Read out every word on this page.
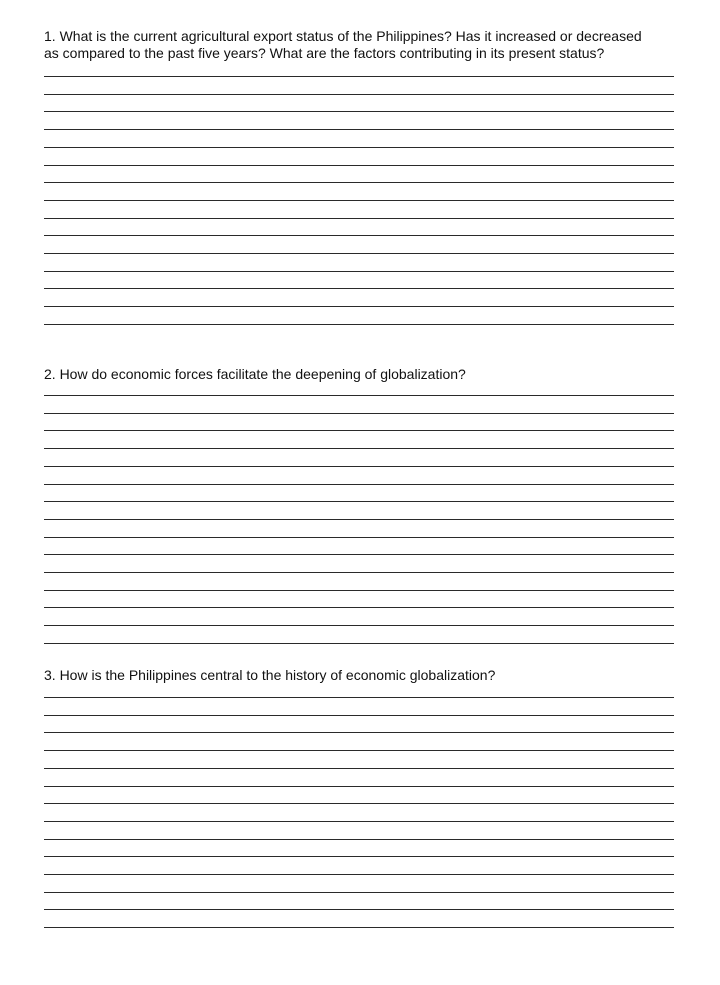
1. What is the current agricultural export status of the Philippines? Has it increased or decreased
as compared to the past five years? What are the factors contributing in its present status?

2. How do economic forces facilitate the deepening of globalization?

3. How is the Philippines central to the history of economic globalization?
